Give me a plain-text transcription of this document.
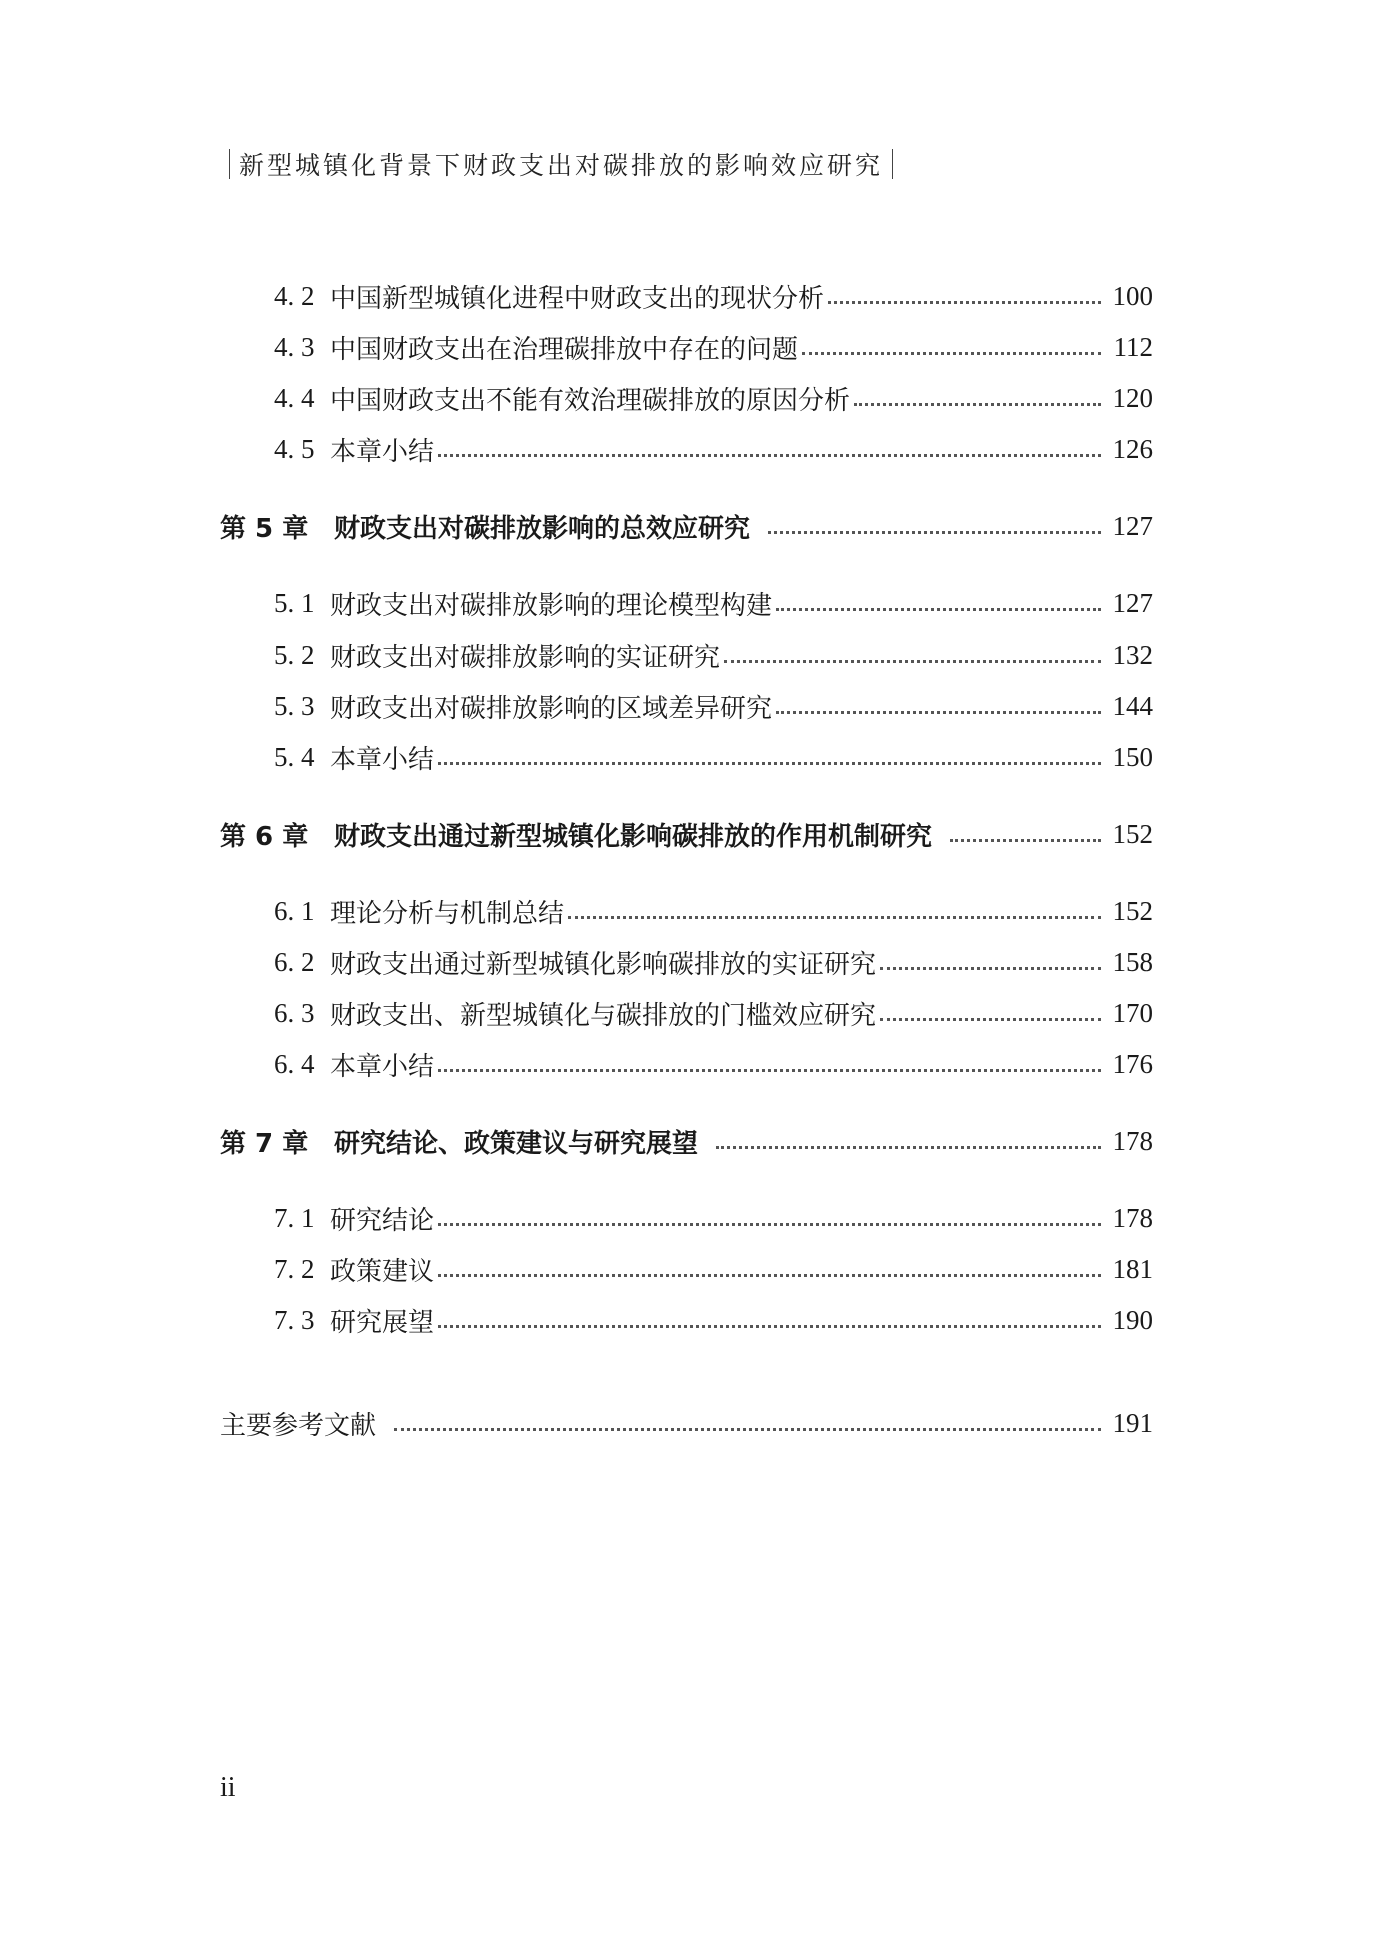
新型城镇化背景下财政支出对碳排放的影响效应研究
4. 2 中国新型城镇化进程中财政支出的现状分析	100
4. 3 中国财政支出在治理碳排放中存在的问题	112
4. 4 中国财政支出不能有效治理碳排放的原因分析	120
4. 5 本章小结	126
第 5 章 财政支出对碳排放影响的总效应研究	127
5. 1 财政支出对碳排放影响的理论模型构建	127
5. 2 财政支出对碳排放影响的实证研究	132
5. 3 财政支出对碳排放影响的区域差异研究	144
5. 4 本章小结	150
第 6 章 财政支出通过新型城镇化影响碳排放的作用机制研究	152
6. 1 理论分析与机制总结	152
6. 2 财政支出通过新型城镇化影响碳排放的实证研究	158
6. 3 财政支出、新型城镇化与碳排放的门槛效应研究	170
6. 4 本章小结	176
第 7 章 研究结论、政策建议与研究展望	178
7. 1 研究结论	178
7. 2 政策建议	181
7. 3 研究展望	190
主要参考文献	191
ii
